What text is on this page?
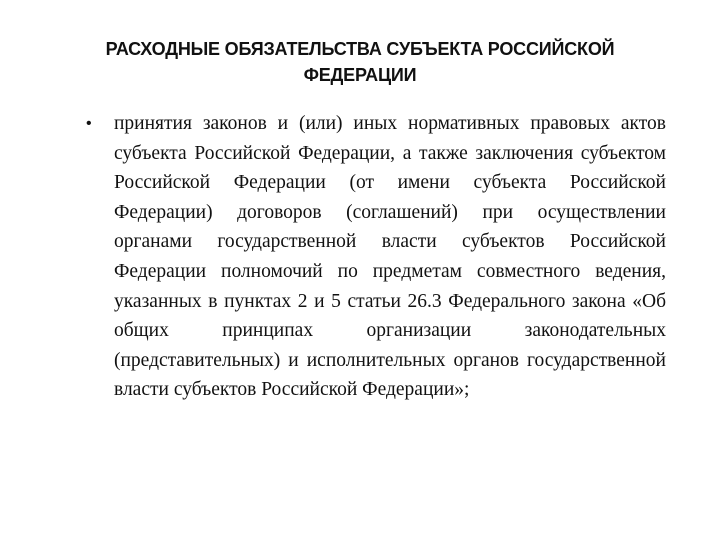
РАСХОДНЫЕ ОБЯЗАТЕЛЬСТВА СУБЪЕКТА РОССИЙСКОЙ
ФЕДЕРАЦИИ
• принятия законов и (или) иных нормативных правовых актов субъекта Российской Федерации, а также заключения субъектом Российской Федерации (от имени субъекта Российской Федерации) договоров (соглашений) при осуществлении органами государственной власти субъектов Российской Федерации полномочий по предметам совместного ведения, указанных в пунктах 2 и 5 статьи 26.3 Федерального закона «Об общих принципах организации законодательных (представительных) и исполнительных органов государственной власти субъектов Российской Федерации»;
